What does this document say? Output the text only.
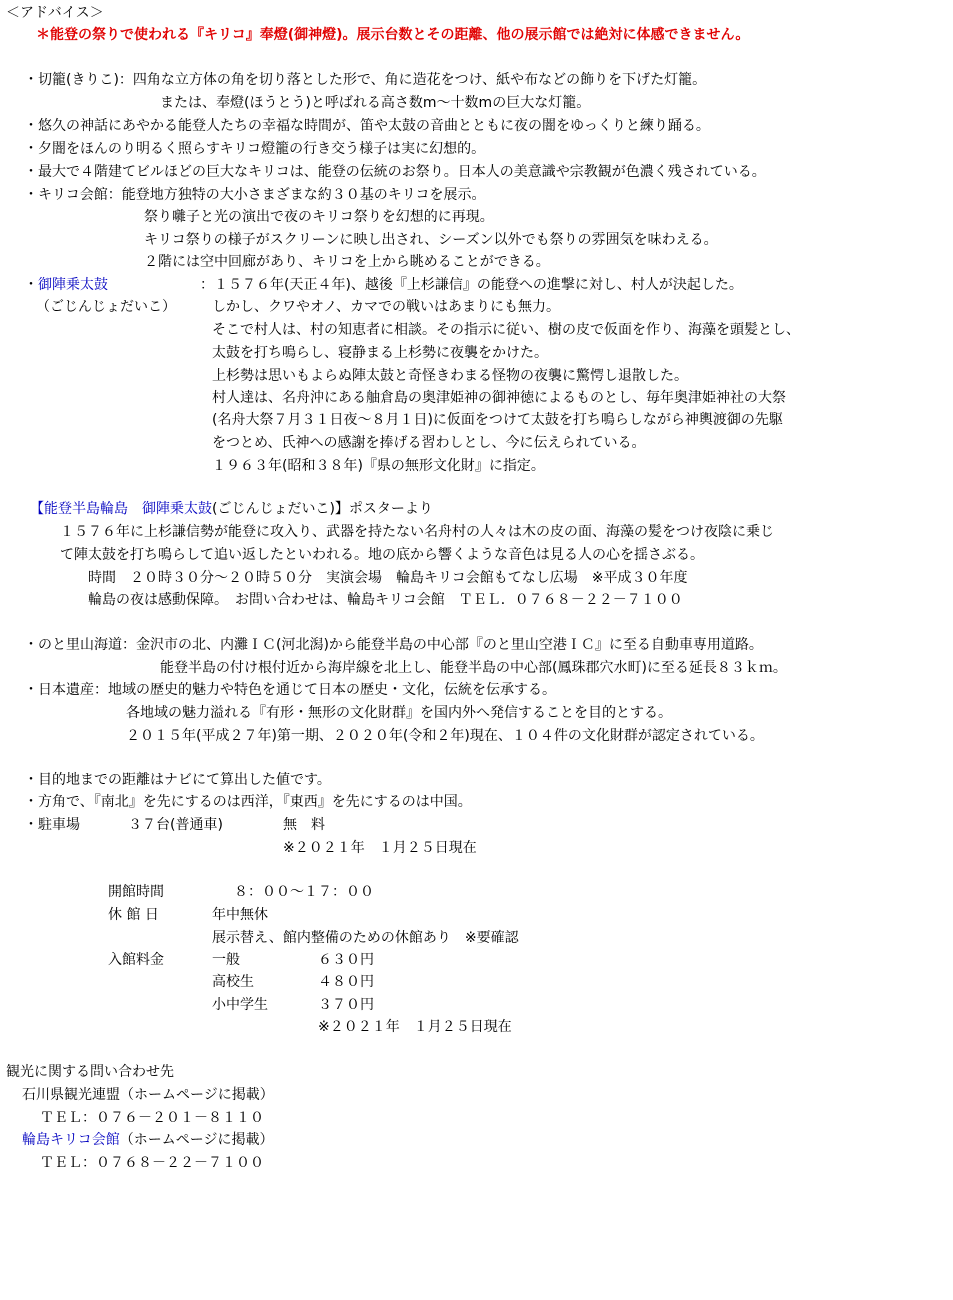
＜アドバイス＞
＊能登の祭りで使われる『キリコ』奉燈(御神燈)。展示台数とその距離、他の展示館では絶対に体感できません。
・切籠(きりこ)：四角な立方体の角を切り落とした形で、角に造花をつけ、紙や布などの飾りを下げた灯籠。
または、奉燈(ほうとう)と呼ばれる高さ数m～十数mの巨大な灯籠。
・悠久の神話にあやかる能登人たちの幸福な時間が、笛や太鼓の音曲とともに夜の闇をゆっくりと練り踊る。
・夕闇をほんのり明るく照らすキリコ燈籠の行き交う様子は実に幻想的。
・最大で４階建てビルほどの巨大なキリコは、能登の伝統のお祭り。日本人の美意識や宗教観が色濃く残されている。
・キリコ会館：能登地方独特の大小さまざまな約３０基のキリコを展示。
祭り囃子と光の演出で夜のキリコ祭りを幻想的に再現。
キリコ祭りの様子がスクリーンに映し出され、シーズン以外でも祭りの雰囲気を味わえる。
２階には空中回廊があり、キリコを上から眺めることができる。
・御陣乗太鼓
（ごじんじょだいこ）
：１５７６年(天正４年)、越後『上杉謙信』の能登への進撃に対し、村人が決起した。
しかし、クワやオノ、カマでの戦いはあまりにも無力。
そこで村人は、村の知恵者に相談。その指示に従い、樹の皮で仮面を作り、海藻を頭髪とし、
太鼓を打ち鳴らし、寝静まる上杉勢に夜襲をかけた。
上杉勢は思いもよらぬ陣太鼓と奇怪きわまる怪物の夜襲に驚愕し退散した。
村人達は、名舟沖にある舳倉島の奥津姫神の御神徳によるものとし、毎年奥津姫神社の大祭
(名舟大祭７月３１日夜～８月１日)に仮面をつけて太鼓を打ち鳴らしながら神輿渡御の先駆
をつとめ、氏神への感謝を捧げる習わしとし、今に伝えられている。
１９６３年(昭和３８年)『県の無形文化財』に指定。
【能登半島輪島　御陣乗太鼓(ごじんじょだいこ)】ポスターより
１５７６年に上杉謙信勢が能登に攻入り、武器を持たない名舟村の人々は木の皮の面、海藻の髪をつけ夜陰に乗じ
て陣太鼓を打ち鳴らして追い返したといわれる。地の底から響くような音色は見る人の心を揺さぶる。
時間　２０時３０分～２０時５０分　実演会場　輪島キリコ会館もてなし広場　※平成３０年度
輪島の夜は感動保障。　お問い合わせは、輪島キリコ会館　ＴＥＬ．０７６８－２２－７１００
・のと里山海道：金沢市の北、内灘ＩＣ(河北潟)から能登半島の中心部『のと里山空港ＩＣ』に至る自動車専用道路。
能登半島の付け根付近から海岸線を北上し、能登半島の中心部(鳳珠郡穴水町)に至る延長８３ｋｍ。
・日本遺産：地域の歴史的魅力や特色を通じて日本の歴史・文化，伝統を伝承する。
各地域の魅力溢れる『有形・無形の文化財群』を国内外へ発信することを目的とする。
２０１５年(平成２７年)第一期、２０２０年(令和２年)現在、１０４件の文化財群が認定されている。
・目的地までの距離はナビにて算出した値です。
・方角で、『南北』を先にするのは西洋，『東西』を先にするのは中国。
・駐車場	３７台(普通車)	無　料
※２０２１年　１月２５日現在
開館時間	８：００～１７：００
休 館 日	年中無休
展示替え、館内整備のための休館あり　※要確認
入館料金	一般	６３０円
高校生	４８０円
小中学生	３７０円
※２０２１年　１月２５日現在
観光に関する問い合わせ先
石川県観光連盟（ホームページに掲載）
ＴＥＬ：０７６－２０１－８１１０
輪島キリコ会館（ホームページに掲載）
ＴＥＬ：０７６８－２２－７１００
